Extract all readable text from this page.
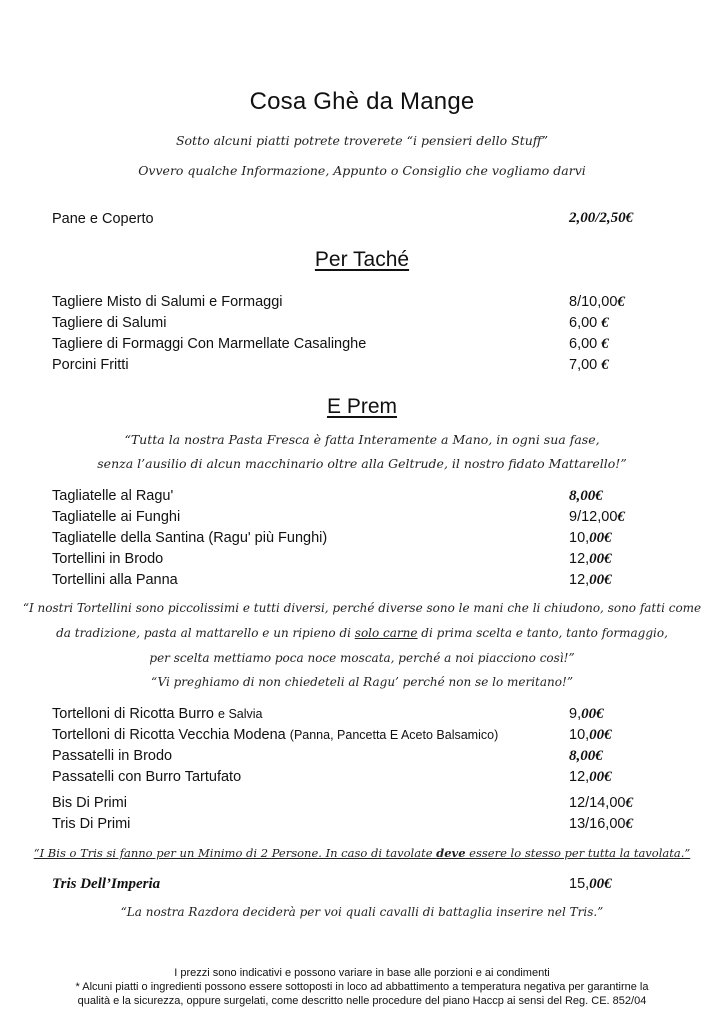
Cosa Ghè da Mange
Sotto alcuni piatti potrete troverete “i pensieri dello Stuff”
Ovvero qualche Informazione, Appunto o Consiglio che vogliamo darvi
Pane e Coperto	2,00/2,50€
Per Taché
Tagliere Misto di Salumi e Formaggi	8/10,00€
Tagliere di Salumi	6,00 €
Tagliere di Formaggi Con Marmellate Casalinghe	6,00 €
Porcini Fritti	7,00 €
E Prem
“Tutta la nostra Pasta Fresca è fatta Interamente a Mano, in ogni sua fase,
senza l’ausilio di alcun macchinario oltre alla Geltrude, il nostro fidato Mattarello!”
Tagliatelle al Ragu'	8,00€
Tagliatelle ai Funghi	9/12,00€
Tagliatelle della Santina (Ragu' più Funghi)	10,00€
Tortellini in Brodo	12,00€
Tortellini alla Panna	12,00€
“I nostri Tortellini sono piccolissimi e tutti diversi, perché diverse sono le mani che li chiudono, sono fatti come
da tradizione, pasta al mattarello e un ripieno di solo carne di prima scelta e tanto, tanto formaggio,
per scelta mettiamo poca noce moscata, perché a noi piacciono così!”
“Vi preghiamo di non chiedeteli al Ragu’ perché non se lo meritano!”
Tortelloni di Ricotta Burro e Salvia	9,00€
Tortelloni di Ricotta Vecchia Modena (Panna, Pancetta E Aceto Balsamico)	10,00€
Passatelli in Brodo	8,00€
Passatelli con Burro Tartufato	12,00€
Bis Di Primi	12/14,00€
Tris Di Primi	13/16,00€
“I Bis o Tris si fanno per un Minimo di 2 Persone. In caso di tavolate deve essere lo stesso per tutta la tavolata.”
Tris Dell’Imperia	15,00€
“La nostra Razdora deciderà per voi quali cavalli di battaglia inserire nel Tris.”
I prezzi sono indicativi e possono variare in base alle porzioni e ai condimenti
* Alcuni piatti o ingredienti possono essere sottoposti in loco ad abbattimento a temperatura negativa per garantirne la
qualità e la sicurezza, oppure surgelati, come descritto nelle procedure del piano Haccp ai sensi del Reg. CE. 852/04
